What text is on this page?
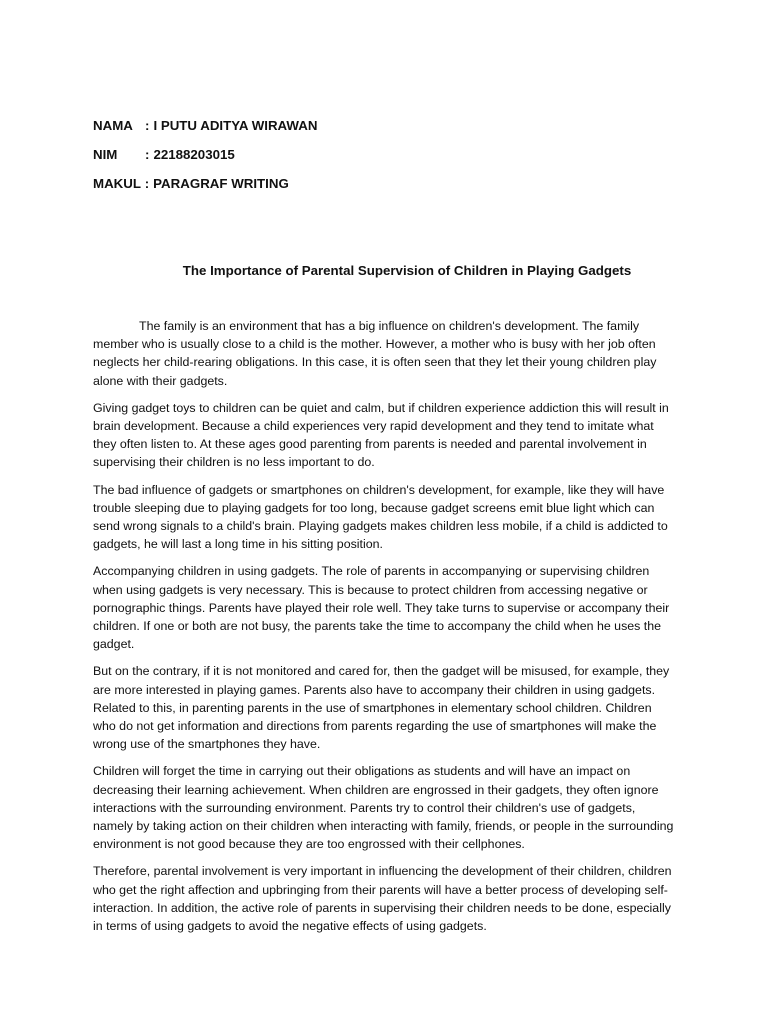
NAMA : I PUTU ADITYA WIRAWAN
NIM	: 22188203015
MAKUL
: PARAGRAF WRITING
The Importance of Parental Supervision of Children in Playing Gadgets

The family is an environment that has a big influence on children's development. The family member who is usually close to a child is the mother. However, a mother who is busy with her job often neglects her child-rearing obligations. In this case, it is often seen that they let their young children play alone with their gadgets.

Giving gadget toys to children can be quiet and calm, but if children experience addiction this will result in brain development. Because a child experiences very rapid development and they tend to imitate what they often listen to. At these ages good parenting from parents is needed and parental involvement in supervising their children is no less important to do.

The bad influence of gadgets or smartphones on children's development, for example, like they will have trouble sleeping due to playing gadgets for too long, because gadget screens emit blue light which can send wrong signals to a child's brain. Playing gadgets makes children less mobile, if a child is addicted to gadgets, he will last a long time in his sitting position.

Accompanying children in using gadgets. The role of parents in accompanying or supervising children when using gadgets is very necessary. This is because to protect children from accessing negative or pornographic things. Parents have played their role well. They take turns to supervise or accompany their children. If one or both are not busy, the parents take the time to accompany the child when he uses the gadget.

But on the contrary, if it is not monitored and cared for, then the gadget will be misused, for example, they are more interested in playing games. Parents also have to accompany their children in using gadgets. Related to this, in parenting parents in the use of smartphones in elementary school children. Children who do not get information and directions from parents regarding the use of smartphones will make the wrong use of the smartphones they have.

Children will forget the time in carrying out their obligations as students and will have an impact on decreasing their learning achievement. When children are engrossed in their gadgets, they often ignore interactions with the surrounding environment. Parents try to control their children's use of gadgets, namely by taking action on their children when interacting with family, friends, or people in the surrounding environment is not good because they are too engrossed with their cellphones.

Therefore, parental involvement is very important in influencing the development of their children, children who get the right affection and upbringing from their parents will have a better process of developing self-interaction. In addition, the active role of parents in supervising their children needs to be done, especially in terms of using gadgets to avoid the negative effects of using gadgets.
